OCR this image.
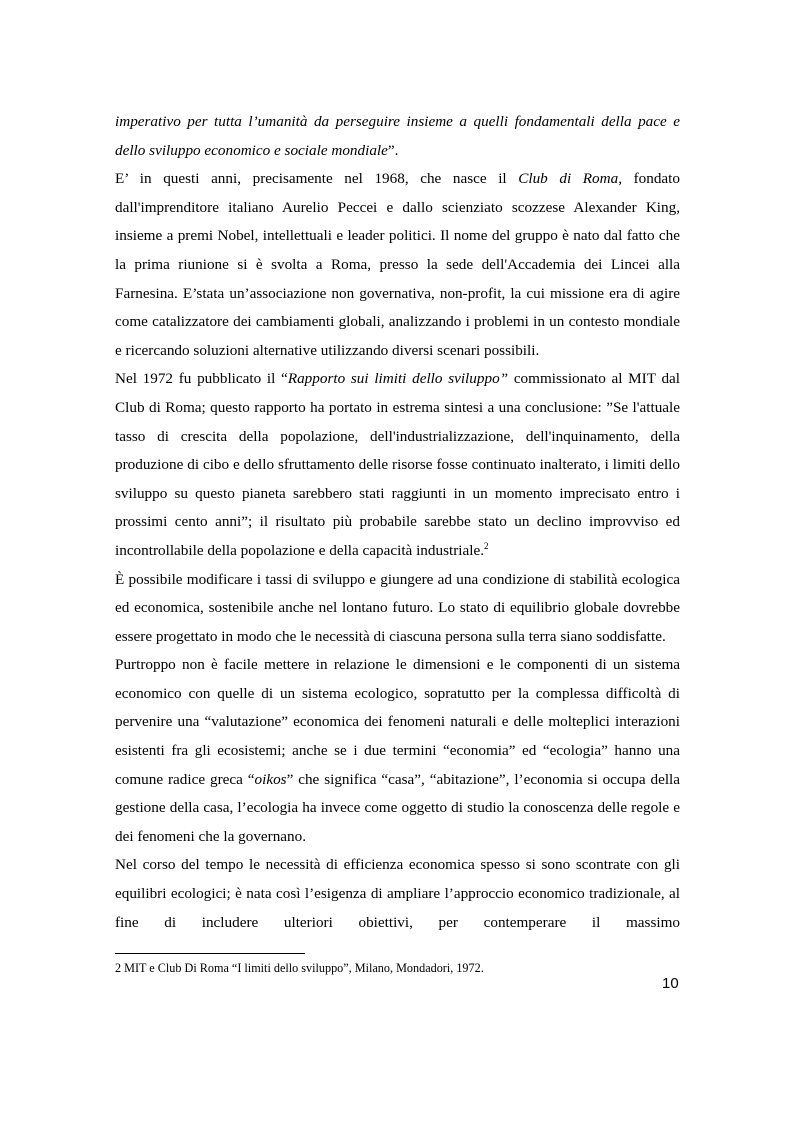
imperativo per tutta l’umanità da perseguire insieme a quelli fondamentali della pace e dello sviluppo economico e sociale mondiale”.

E’ in questi anni, precisamente nel 1968, che nasce il Club di Roma, fondato dall'imprenditore italiano Aurelio Peccei e dallo scienziato scozzese Alexander King, insieme a premi Nobel, intellettuali e leader politici. Il nome del gruppo è nato dal fatto che la prima riunione si è svolta a Roma, presso la sede dell'Accademia dei Lincei alla Farnesina. E’stata un’associazione non governativa, non-profit, la cui missione era di agire come catalizzatore dei cambiamenti globali, analizzando i problemi in un contesto mondiale e ricercando soluzioni alternative utilizzando diversi scenari possibili.

Nel 1972 fu pubblicato il “Rapporto sui limiti dello sviluppo” commissionato al MIT dal Club di Roma; questo rapporto ha portato in estrema sintesi a una conclusione: ”Se l'attuale tasso di crescita della popolazione, dell'industrializzazione, dell'inquinamento, della produzione di cibo e dello sfruttamento delle risorse fosse continuato inalterato, i limiti dello sviluppo su questo pianeta sarebbero stati raggiunti in un momento imprecisato entro i prossimi cento anni”; il risultato più probabile sarebbe stato un declino improvviso ed incontrollabile della popolazione e della capacità industriale.$^2$

È possibile modificare i tassi di sviluppo e giungere ad una condizione di stabilità ecologica ed economica, sostenibile anche nel lontano futuro. Lo stato di equilibrio globale dovrebbe essere progettato in modo che le necessità di ciascuna persona sulla terra siano soddisfatte.

Purtroppo non è facile mettere in relazione le dimensioni e le componenti di un sistema economico con quelle di un sistema ecologico, sopratutto per la complessa difficoltà di pervenire una “valutazione” economica dei fenomeni naturali e delle molteplici interazioni esistenti fra gli ecosistemi; anche se i due termini “economia” ed “ecologia” hanno una comune radice greca “oikos” che significa “casa”, “abitazione”, l’economia si occupa della gestione della casa, l’ecologia ha invece come oggetto di studio la conoscenza delle regole e dei fenomeni che la governano.

Nel corso del tempo le necessità di efficienza economica spesso si sono scontrate con gli equilibri ecologici; è nata così l’esigenza di ampliare l’approccio economico tradizionale, al fine di includere ulteriori obiettivi, per contemperare il massimo

2 MIT e Club Di Roma “I limiti dello sviluppo”, Milano, Mondadori, 1972.
10
